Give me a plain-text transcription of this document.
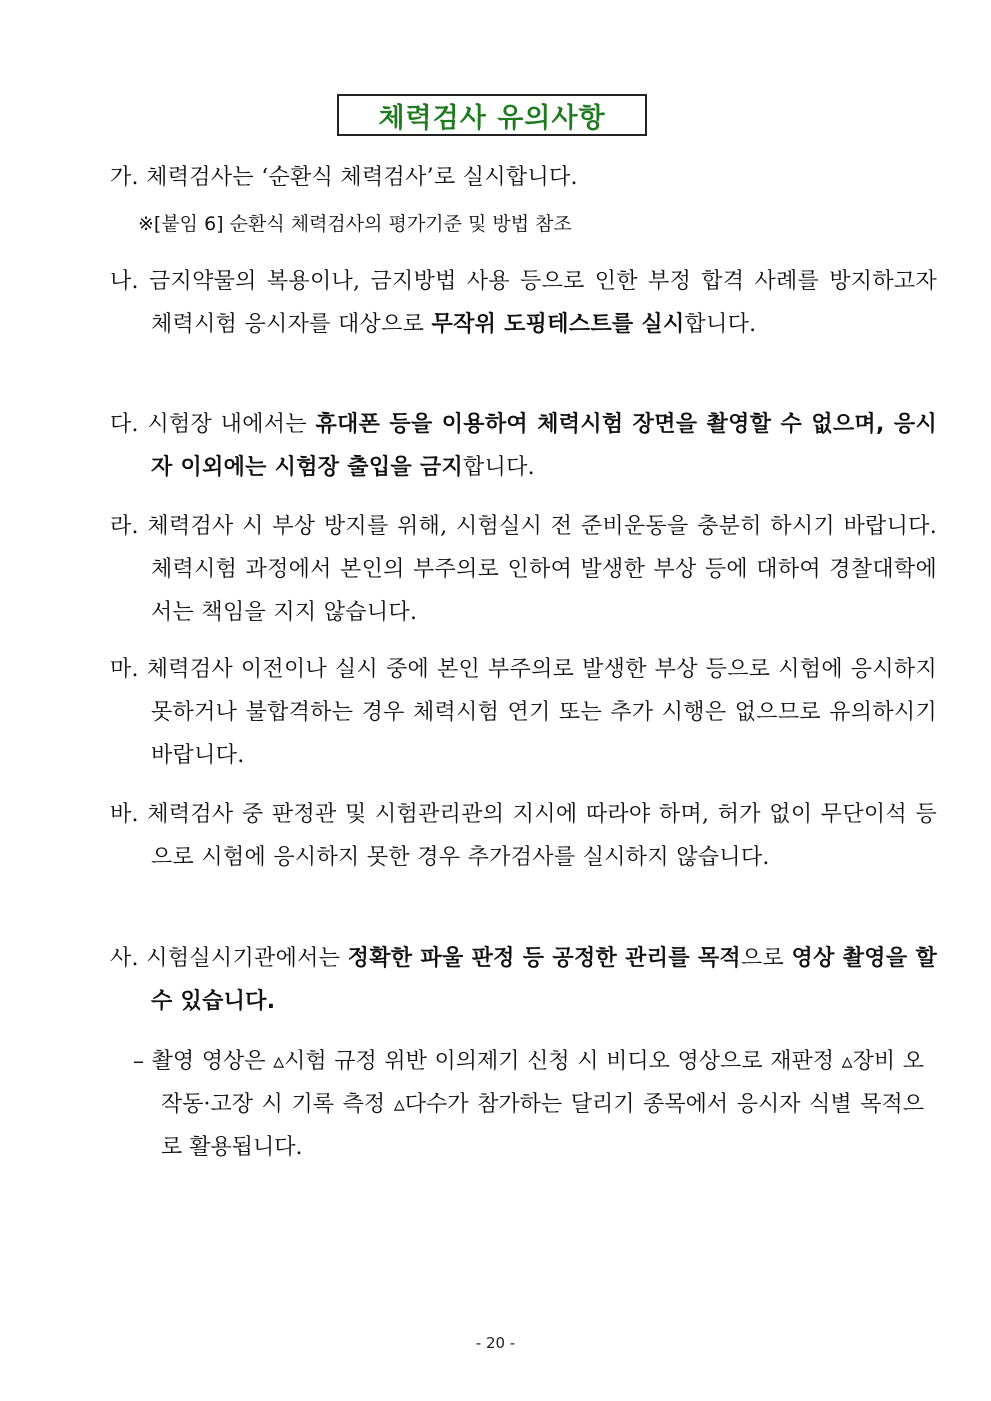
체력검사 유의사항
가. 체력검사는 ‘순환식 체력검사’로 실시합니다.
※[붙임 6] 순환식 체력검사의 평가기준 및 방법 참조
나. 금지약물의 복용이나, 금지방법 사용 등으로 인한 부정 합격 사례를 방지하고자 체력시험 응시자를 대상으로 무작위 도핑테스트를 실시합니다.
다. 시험장 내에서는 휴대폰 등을 이용하여 체력시험 장면을 촬영할 수 없으며, 응시자 이외에는 시험장 출입을 금지합니다.
라. 체력검사 시 부상 방지를 위해, 시험실시 전 준비운동을 충분히 하시기 바랍니다. 체력시험 과정에서 본인의 부주의로 인하여 발생한 부상 등에 대하여 경찰대학에서는 책임을 지지 않습니다.
마. 체력검사 이전이나 실시 중에 본인 부주의로 발생한 부상 등으로 시험에 응시하지 못하거나 불합격하는 경우 체력시험 연기 또는 추가 시행은 없으므로 유의하시기 바랍니다.
바. 체력검사 중 판정관 및 시험관리관의 지시에 따라야 하며, 허가 없이 무단이석 등으로 시험에 응시하지 못한 경우 추가검사를 실시하지 않습니다.
사. 시험실시기관에서는 정확한 파울 판정 등 공정한 관리를 목적으로 영상 촬영을 할 수 있습니다.
– 촬영 영상은 ▵시험 규정 위반 이의제기 신청 시 비디오 영상으로 재판정 ▵장비 오작동·고장 시 기록 측정 ▵다수가 참가하는 달리기 종목에서 응시자 식별 목적으로 활용됩니다.
- 20 -
